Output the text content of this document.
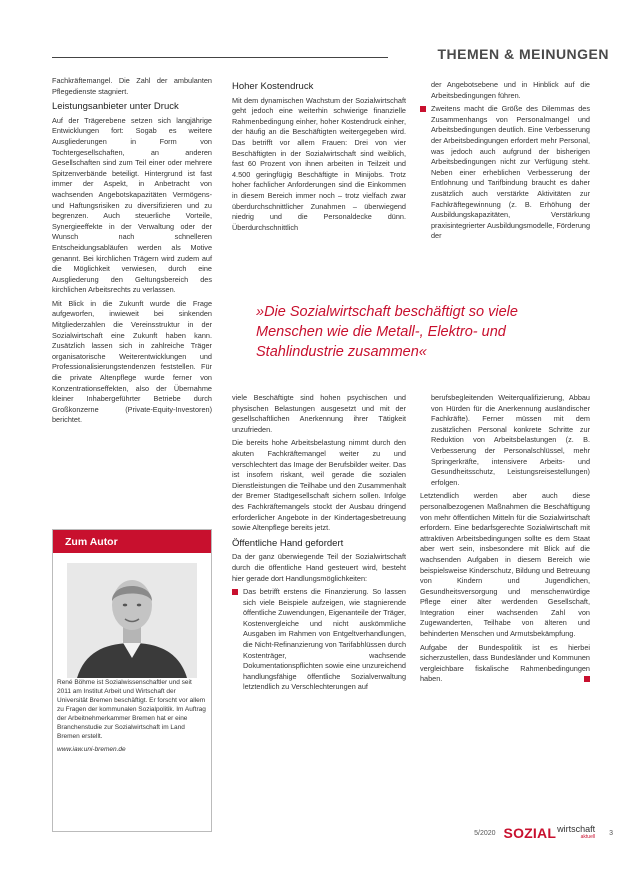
THEMEN & MEINUNGEN

Fachkräftemangel. Die Zahl der ambulanten Pflegedienste stagniert.

Leistungsanbieter unter Druck

Auf der Trägerebene setzen sich langjährige Entwicklungen fort: Sogab es weitere Ausgliederungen in Form von Tochtergesellschaften, an anderen Gesellschaften sind zum Teil einer oder mehrere Spitzenverbände beteiligt. Hintergrund ist fast immer der Aspekt, in Anbetracht von wachsenden Angebotskapazitäten Vermögens- und Haftungsrisiken zu diversifizieren und zu begrenzen. Auch steuerliche Vorteile, Synergieeffekte in der Verwaltung oder der Wunsch nach schnelleren Entscheidungsabläufen werden als Motive genannt. Bei kirchlichen Trägern wird zudem auf die Möglichkeit verwiesen, durch eine Ausgliederung den Geltungsbereich des kirchlichen Arbeitsrechts zu verlassen.

Mit Blick in die Zukunft wurde die Frage aufgeworfen, inwieweit bei sinkenden Mitgliederzahlen die Vereinsstruktur in der Sozialwirtschaft eine Zukunft haben kann. Zusätzlich lassen sich in zahlreiche Träger organisatorische Weiterentwicklungen und Professionalisierungstendenzen feststellen. Für die private Altenpflege wurde ferner von Konzentrationseffekten, also der Übernahme kleiner Inhabergeführter Betriebe durch Großkonzerne (Private-Equity-Investoren) berichtet.

Hoher Kostendruck

Mit dem dynamischen Wachstum der Sozialwirtschaft geht jedoch eine weiterhin schwierige finanzielle Rahmenbedingung einher, hoher Kostendruck einher, der häufig an die Beschäftigten weitergegeben wird. Das betrifft vor allem Frauen: Drei von vier Beschäftigten in der Sozialwirtschaft sind weiblich, fast 60 Prozent von ihnen arbeiten in Teilzeit und 4.500 geringfügig Beschäftigte in Minijobs. Trotz hoher fachlicher Anforderungen sind die Einkommen in diesem Bereich immer noch – trotz vielfach zwar überdurchschnittlicher Zunahmen – überwiegend niedrig und die Personaldecke dünn. Überdurchschnittlich

der Angebotsebene und in Hinblick auf die Arbeitsbedingungen führen.

Zweitens macht die Größe des Dilemmas des Zusammenhangs von Personalmangel und Arbeitsbedingungen deutlich. Eine Verbesserung der Arbeitsbedingungen erfordert mehr Personal, was jedoch auch aufgrund der bisherigen Arbeitsbedingungen nicht zur Verfügung steht. Neben einer erheblichen Verbesserung der Entlohnung und Tarifbindung braucht es daher zusätzlich auch verstärkte Aktivitäten zur Fachkräftegewinnung (z. B. Erhöhung der Ausbildungskapazitäten, Verstärkung praxisintegrierter Ausbildungsmodelle, Förderung der

»Die Sozialwirtschaft beschäftigt so viele Menschen wie die Metall-, Elektro- und Stahlindustrie zusammen«

viele Beschäftigte sind hohen psychischen und physischen Belastungen ausgesetzt und mit der gesellschaftlichen Anerkennung ihrer Tätigkeit unzufrieden.

Die bereits hohe Arbeitsbelastung nimmt durch den akuten Fachkräftemangel weiter zu und verschlechtert das Image der Berufsbilder weiter. Das ist insofern riskant, weil gerade die sozialen Dienstleistungen die Teilhabe und den Zusammenhalt der Bremer Stadtgesellschaft sichern sollen. Infolge des Fachkräftemangels stockt der Ausbau dringend erforderlicher Angebote in der Kindertagesbetreuung sowie Altenpflege bereits jetzt.

Öffentliche Hand gefordert

Da der ganz überwiegende Teil der Sozialwirtschaft durch die öffentliche Hand gesteuert wird, besteht hier gerade dort Handlungsmöglichkeiten:

Das betrifft erstens die Finanzierung. So lassen sich viele Beispiele aufzeigen, wie stagnierende öffentliche Zuwendungen, Eigenanteile der Träger, Kostenvergleiche und nicht auskömmliche Ausgaben im Rahmen von Entgeltverhandlungen, die Nicht-Refinanzierung von Tarifabhlüssen durch Kostenträger, wachsende Dokumentationspflichten sowie eine unzureichend handlungsfähige öffentliche Sozialverwaltung letztendlich zu Verschlechterungen auf

berufsbegleitenden Weiterqualifizierung, Abbau von Hürden für die Anerkennung ausländischer Fachkräfte). Ferner müssen mit dem zusätzlichen Personal konkrete Schritte zur Reduktion von Arbeitsbelastungen (z. B. Verbesserung der Personalschlüssel, mehr Springerkräfte, intensivere Arbeits- und Gesundheitsschutz, Leistungsreisestellungen) erfolgen.

Letztendlich werden aber auch diese personalbezogenen Maßnahmen die Beschäftigung von mehr öffentlichen Mitteln für die Sozialwirtschaft erfordern. Eine bedarfsgerechte Sozialwirtschaft mit attraktiven Arbeitsbedingungen sollte es dem Staat aber wert sein, insbesondere mit Blick auf die wachsenden Aufgaben in diesem Bereich wie beispielsweise Kinderschutz, Bildung und Betreuung von Kindern und Jugendlichen, Gesundheitsversorgung und menschenwürdige Pflege einer älter werdenden Gesellschaft, Integration einer wachsenden Zahl von Zugewanderten, Teilhabe von älteren und behinderten Menschen und Armutsbekämpfung.

Aufgabe der Bundespolitik ist es hierbei sicherzustellen, dass Bundesländer und Kommunen vergleichbare fiskalische Rahmenbedingungen haben.

Zum Autor

René Böhme ist Sozialwissenschaftler und seit 2011 am Institut Arbeit und Wirtschaft der Universität Bremen beschäftigt. Er forscht vor allem zu Fragen der kommunalen Sozialpolitik. Im Auftrag der Arbeitnehmerkammer Bremen hat er eine Branchenstudie zur Sozialwirtschaft im Land Bremen erstellt.

www.iaw.uni-bremen.de

5/2020 SOZIAL wirtschaft
aktuell
3
